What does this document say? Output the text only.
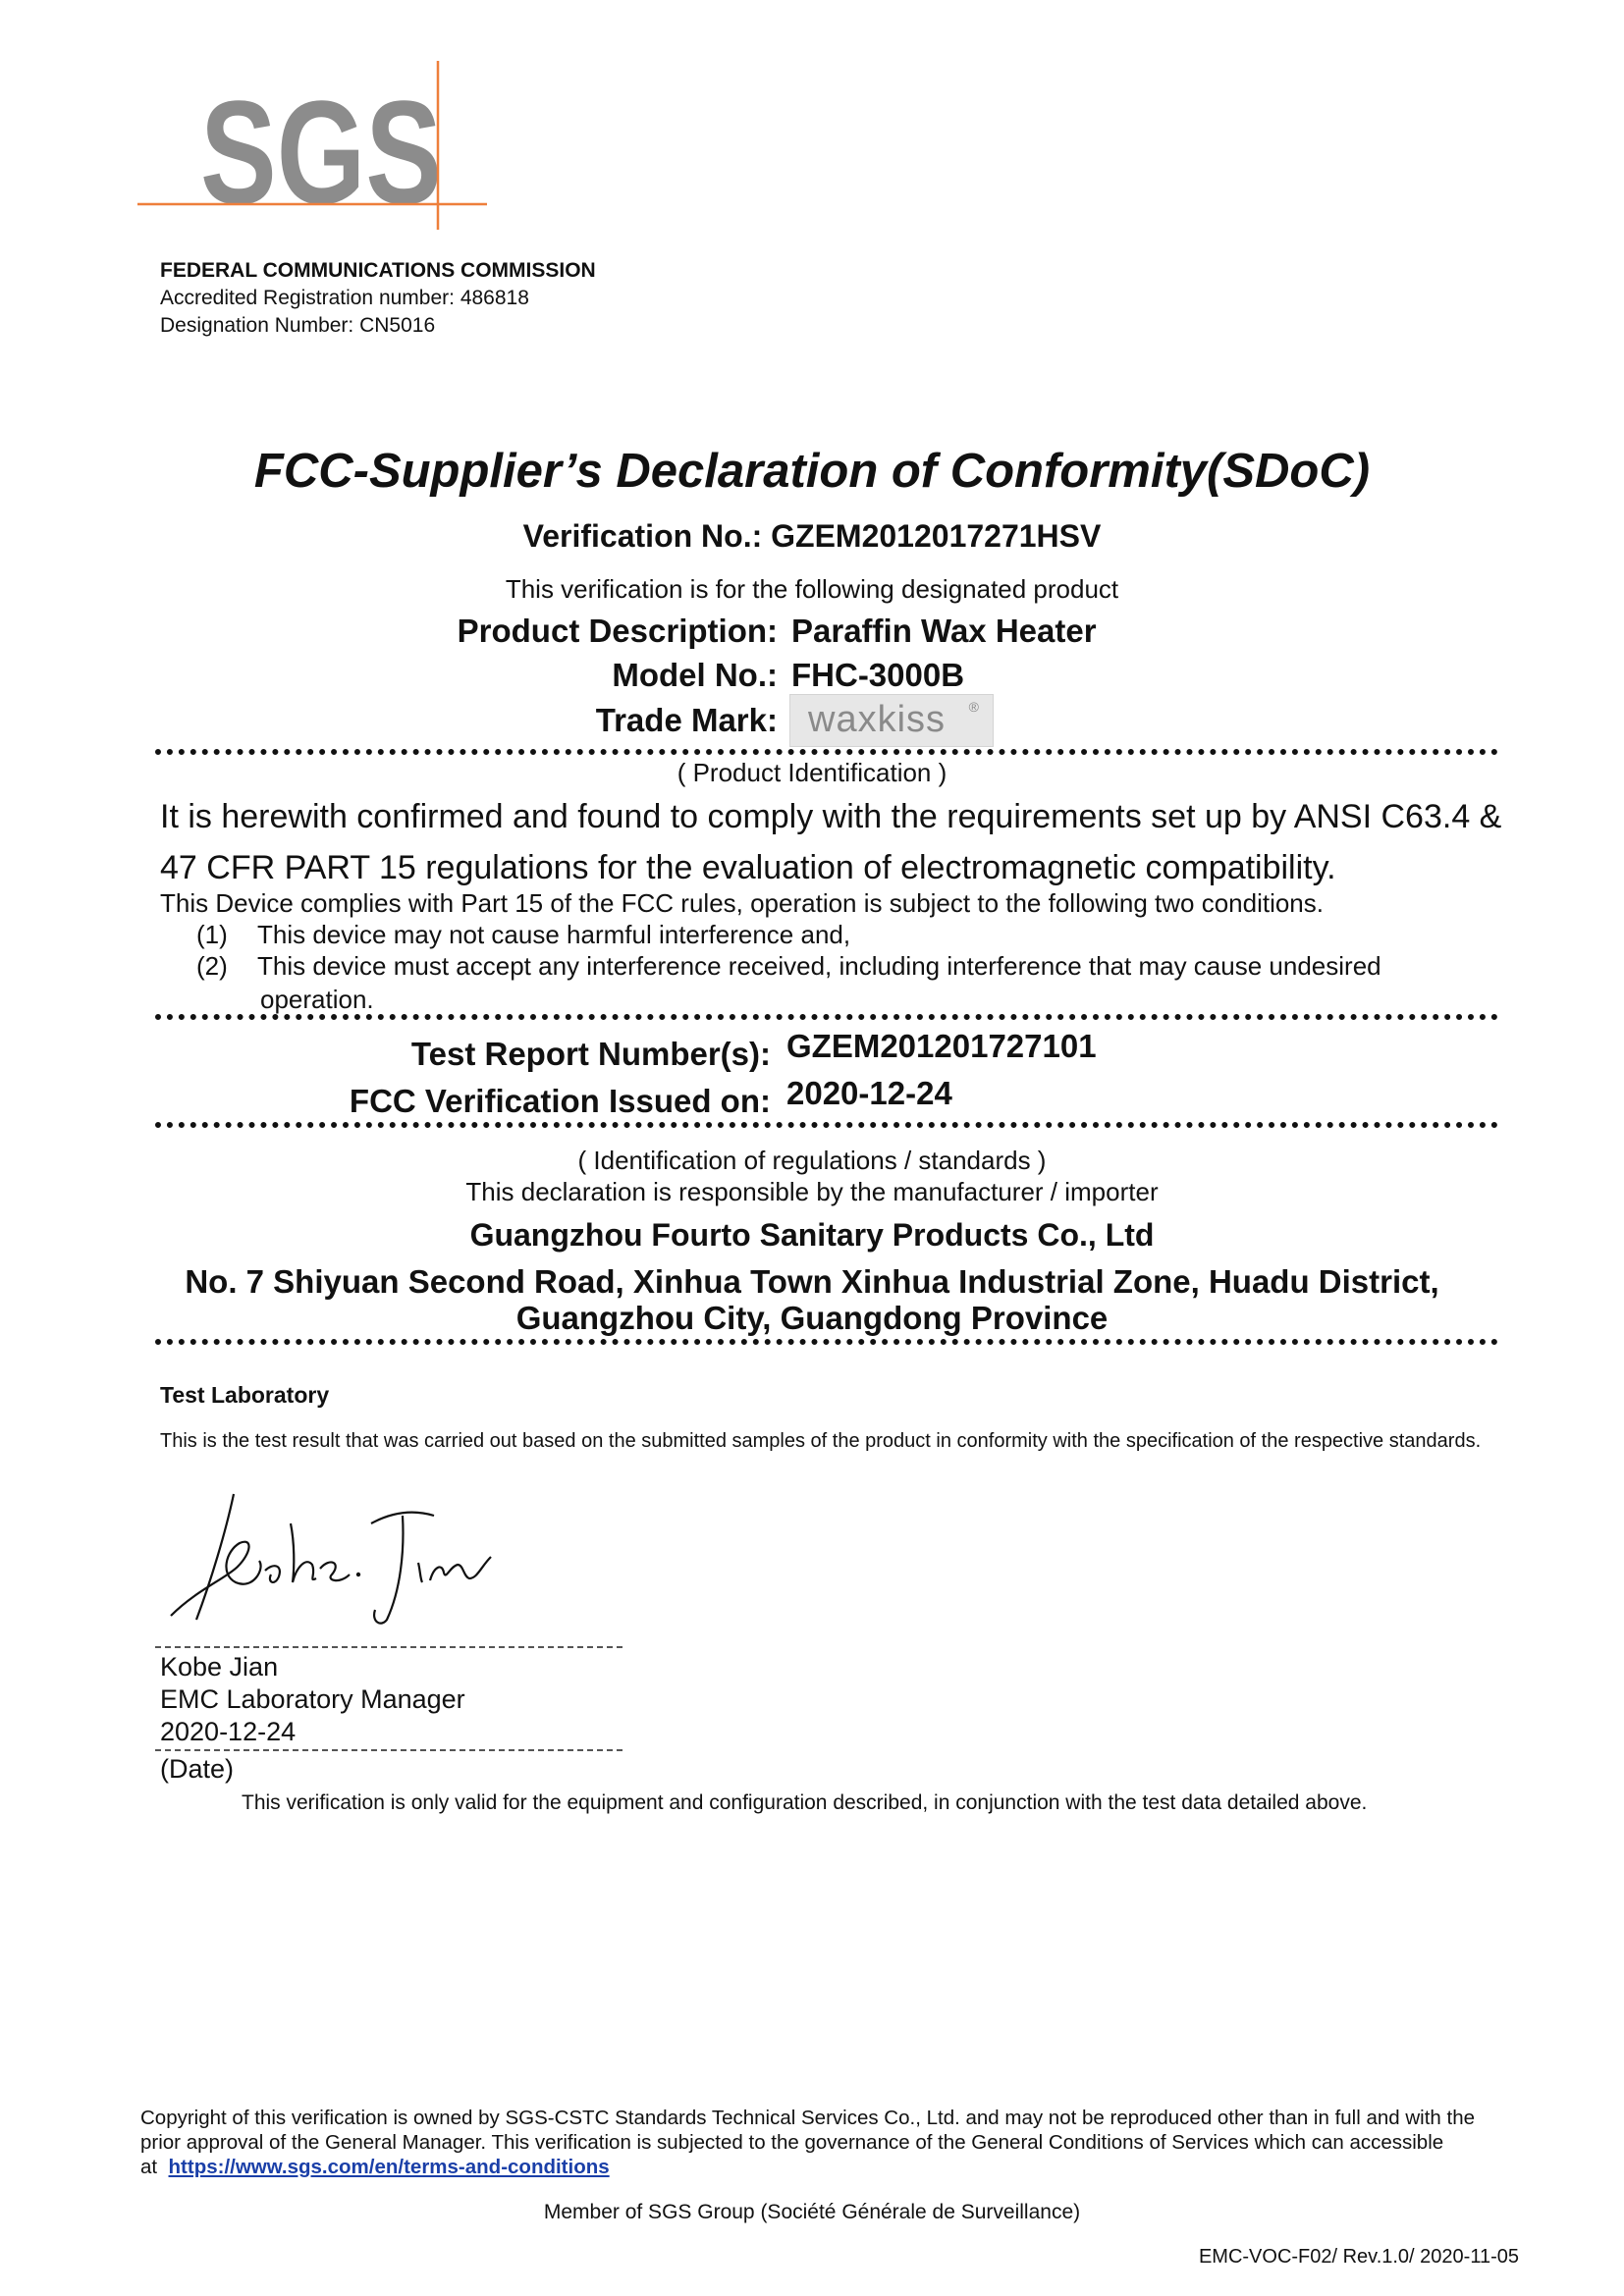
SGS
FEDERAL COMMUNICATIONS COMMISSION
Accredited Registration number: 486818
Designation Number: CN5016
FCC-Supplier’s Declaration of Conformity(SDoC)
Verification No.: GZEM2012017271HSV
This verification is for the following designated product
Product Description: Paraffin Wax Heater
Model No.: FHC-3000B
Trade Mark: waxkiss ®
( Product Identification )
It is herewith confirmed and found to comply with the requirements set up by ANSI C63.4 &
47 CFR PART 15 regulations for the evaluation of electromagnetic compatibility.
This Device complies with Part 15 of the FCC rules, operation is subject to the following two conditions.
(1) This device may not cause harmful interference and,
(2) This device must accept any interference received, including interference that may cause undesired
operation.
Test Report Number(s): GZEM201201727101
FCC Verification Issued on: 2020-12-24
( Identification of regulations / standards )
This declaration is responsible by the manufacturer / importer
Guangzhou Fourto Sanitary Products Co., Ltd
No. 7 Shiyuan Second Road, Xinhua Town Xinhua Industrial Zone, Huadu District,
Guangzhou City, Guangdong Province
Test Laboratory
This is the test result that was carried out based on the submitted samples of the product in conformity with the specification of the respective standards.
Kobe Jian
EMC Laboratory Manager
2020-12-24
(Date)
This verification is only valid for the equipment and configuration described, in conjunction with the test data detailed above.
Copyright of this verification is owned by SGS-CSTC Standards Technical Services Co., Ltd. and may not be reproduced other than in full and with the prior approval of the General Manager. This verification is subjected to the governance of the General Conditions of Services which can accessible at https://www.sgs.com/en/terms-and-conditions
Member of SGS Group (Société Générale de Surveillance)
EMC-VOC-F02/ Rev.1.0/ 2020-11-05
